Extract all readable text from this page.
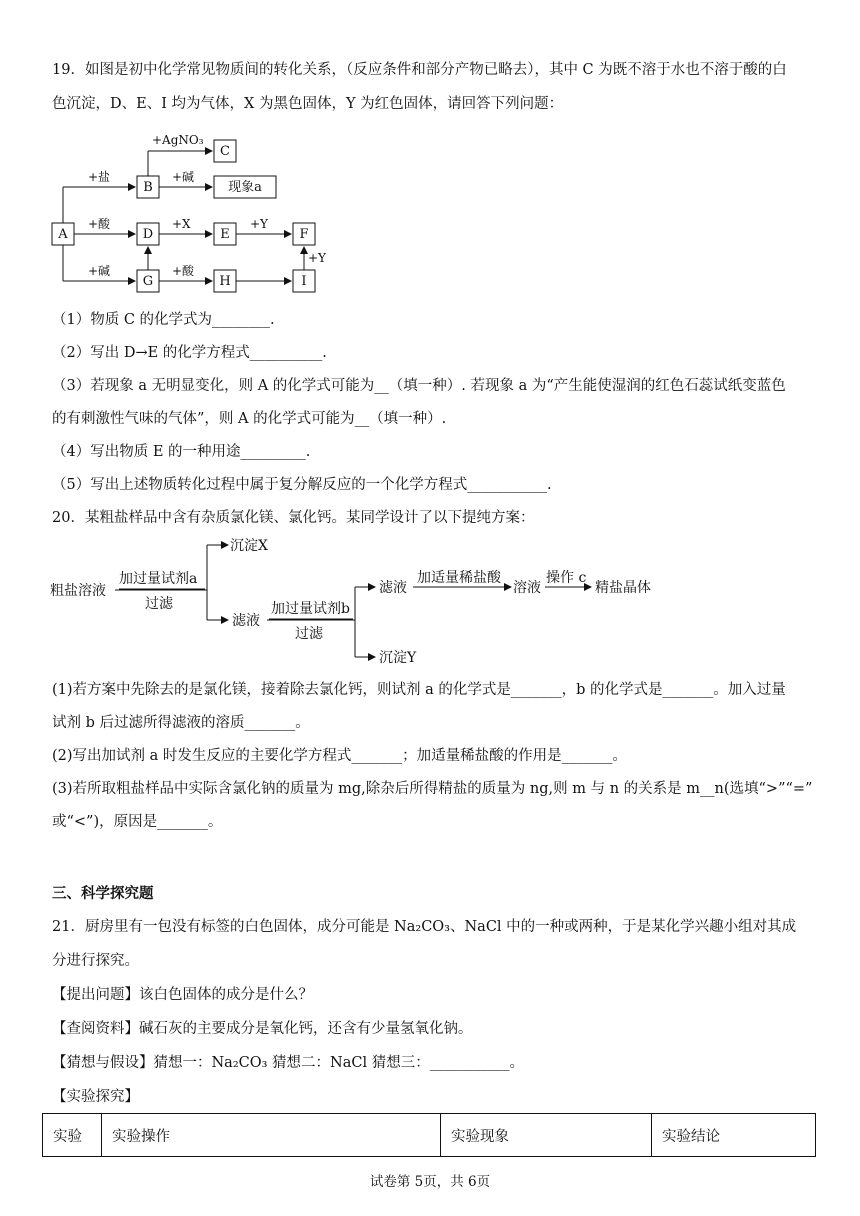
19．如图是初中化学常见物质间的转化关系，（反应条件和部分产物已略去），其中 C 为既不溶于水也不溶于酸的白
色沉淀，D、E、I 均为气体，X 为黑色固体，Y 为红色固体，请回答下列问题：
A
B
C
现象a
D	E	F
G	H	I
+AgNO₃
+盐	+碱
+酸	+X	+Y
+碱	+酸
+Y
（1）物质 C 的化学式为________.
（2）写出 D→E 的化学方程式__________.
（3）若现象 a 无明显变化，则 A 的化学式可能为__（填一种）. 若现象 a 为“产生能使湿润的红色石蕊试纸变蓝色
的有刺激性气味的气体”，则 A 的化学式可能为__（填一种）.
（4）写出物质 E 的一种用途_________.
（5）写出上述物质转化过程中属于复分解反应的一个化学方程式___________.
20．某粗盐样品中含有杂质氯化镁、氯化钙。某同学设计了以下提纯方案：
粗盐溶液
加过量试剂a
过滤
沉淀X
滤液
加过量试剂b
过滤
滤液
加适量稀盐酸
溶液
操作 c
精盐晶体
沉淀Y
(1)若方案中先除去的是氯化镁，接着除去氯化钙，则试剂 a 的化学式是_______，b 的化学式是_______。加入过量
试剂 b 后过滤所得滤液的溶质_______。
(2)写出加试剂 a 时发生反应的主要化学方程式_______；加适量稀盐酸的作用是_______。
(3)若所取粗盐样品中实际含氯化钠的质量为 mg,除杂后所得精盐的质量为 ng,则 m 与 n 的关系是 m__n(选填“>”“=”
或“<”)，原因是_______。
三、科学探究题
21．厨房里有一包没有标签的白色固体，成分可能是 Na₂CO₃、NaCl 中的一种或两种，于是某化学兴趣小组对其成
分进行探究。
【提出问题】该白色固体的成分是什么？
【查阅资料】碱石灰的主要成分是氧化钙，还含有少量氢氧化钠。
【猜想与假设】猜想一：Na₂CO₃ 猜想二：NaCl 猜想三：___________。
【实验探究】
实验	实验操作	实验现象	实验结论
试卷第 5页，共 6页
